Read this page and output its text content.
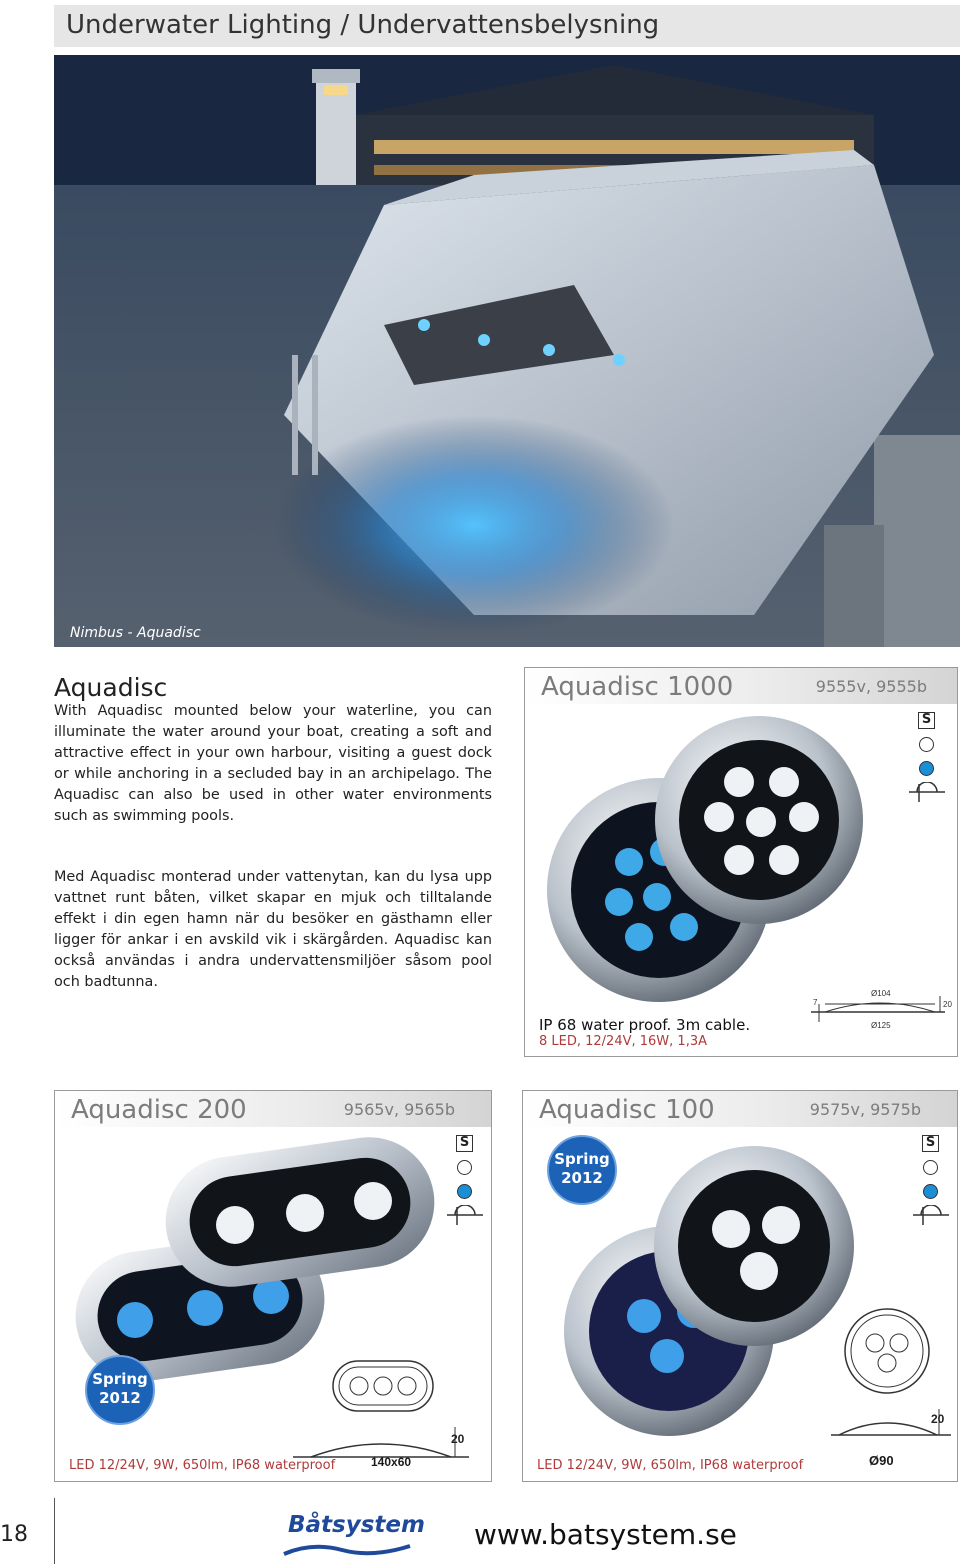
Underwater Lighting / Undervattensbelysning
Nimbus - Aquadisc
Aquadisc

With Aquadisc mounted below your waterline, you can illuminate the water around your boat, creating a soft and attractive effect in your own harbour, visiting a guest dock or while anchoring in a secluded bay in an archipelago. The Aquadisc can also be used in other water environments such as swimming pools.

Med Aquadisc monterad under vattenytan, kan du lysa upp vattnet runt båten, vilket skapar en mjuk och tilltalande effekt i din egen hamn när du besöker en gästhamn eller ligger för ankar i en avskild vik i skärgården. Aquadisc kan också användas i andra undervattensmiljöer såsom pool och badtunna.

Aquadisc 1000	9555v, 9555b
S
Ø104
Ø125
7	20
IP 68 water proof. 3m cable.
8 LED, 12/24V, 16W, 1,3A
Aquadisc 200	9565v, 9565b
Spring
2012
S
20
140x60
LED 12/24V, 9W, 650lm, IP68 waterproof
Aquadisc 100	9575v, 9575b
Spring
2012
S
20
Ø90
LED 12/24V, 9W, 650lm, IP68 waterproof
18	Båtsystem www.batsystem.se
